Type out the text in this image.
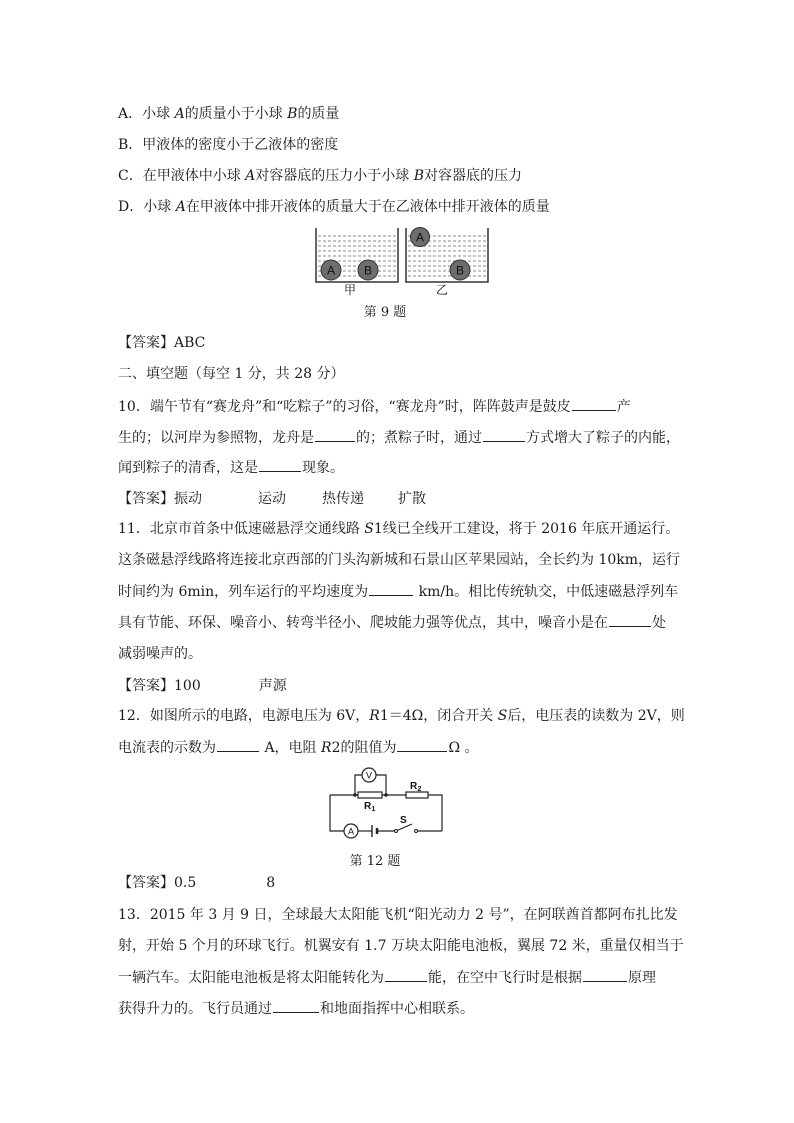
A．小球 A的质量小于小球 B的质量
B．甲液体的密度小于乙液体的密度
C．在甲液体中小球 A对容器底的压力小于小球 B对容器底的压力
D．小球 A在甲液体中排开液体的质量大于在乙液体中排开液体的质量
A B
甲
A
B
乙
第 9 题
【答案】ABC
二、填空题（每空 1 分，共 28 分）
10．端午节有“赛龙舟”和“吃粽子”的习俗，“赛龙舟”时，阵阵鼓声是鼓皮	产
生的；以河岸为参照物，龙舟是	的；煮粽子时，通过	方式增大了粽子的内能，
闻到粽子的清香，这是	现象。
【答案】振动	运动	热传递 扩散
11．北京市首条中低速磁悬浮交通线路 S1线已全线开工建设，将于 2016 年底开通运行。
这条磁悬浮线路将连接北京西部的门头沟新城和石景山区苹果园站，全长约为 10km，运行
时间约为 6min，列车运行的平均速度为	km/h。相比传统轨交，中低速磁悬浮列车
具有节能、环保、噪音小、转弯半径小、爬坡能力强等优点，其中，噪音小是在	处
减弱噪声的。
【答案】100	声源
12．如图所示的电路，电源电压为 6V，R1＝4Ω，闭合开关 S后，电压表的读数为 2V，则
电流表的示数为	A，电阻 R2的阻值为	Ω 。
R 1
R 2
V
A
S
第 12 题
【答案】0.5	8
13．2015 年 3 月 9 日，全球最大太阳能飞机“阳光动力 2 号”，在阿联酋首都阿布扎比发
射，开始 5 个月的环球飞行。机翼安有 1.7 万块太阳能电池板，翼展 72 米，重量仅相当于
一辆汽车。太阳能电池板是将太阳能转化为	能，在空中飞行时是根据	原理
获得升力的。飞行员通过	和地面指挥中心相联系。
